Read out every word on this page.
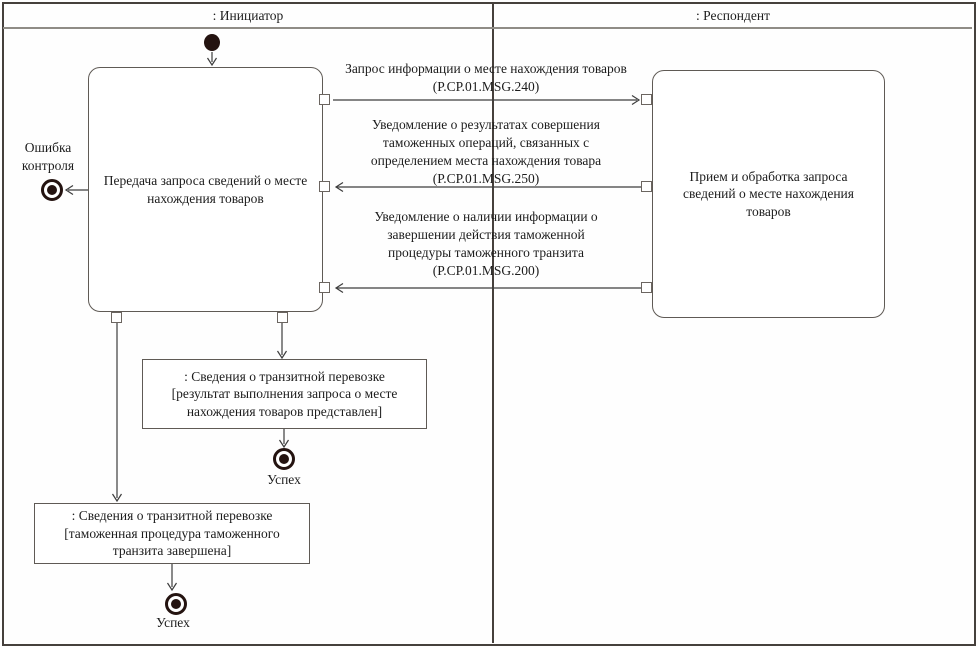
: Инициатор	: Респондент
Передача запроса сведений о месте нахождения товаров
Прием и обработка запроса сведений о месте нахождения товаров
Запрос информации о месте нахождения товаров
(P.CP.01.MSG.240)
Уведомление о результатах совершения
таможенных операций, связанных с
определением места нахождения товара
(P.CP.01.MSG.250)
Уведомление о наличии информации о
завершении действия таможенной
процедуры таможенного транзита
(P.CP.01.MSG.200)
Ошибка
контроля
: Сведения о транзитной перевозке
[результат выполнения запроса о месте
нахождения товаров представлен]
Успех
: Сведения о транзитной перевозке
[таможенная процедура таможенного
транзита завершена]
Успех
